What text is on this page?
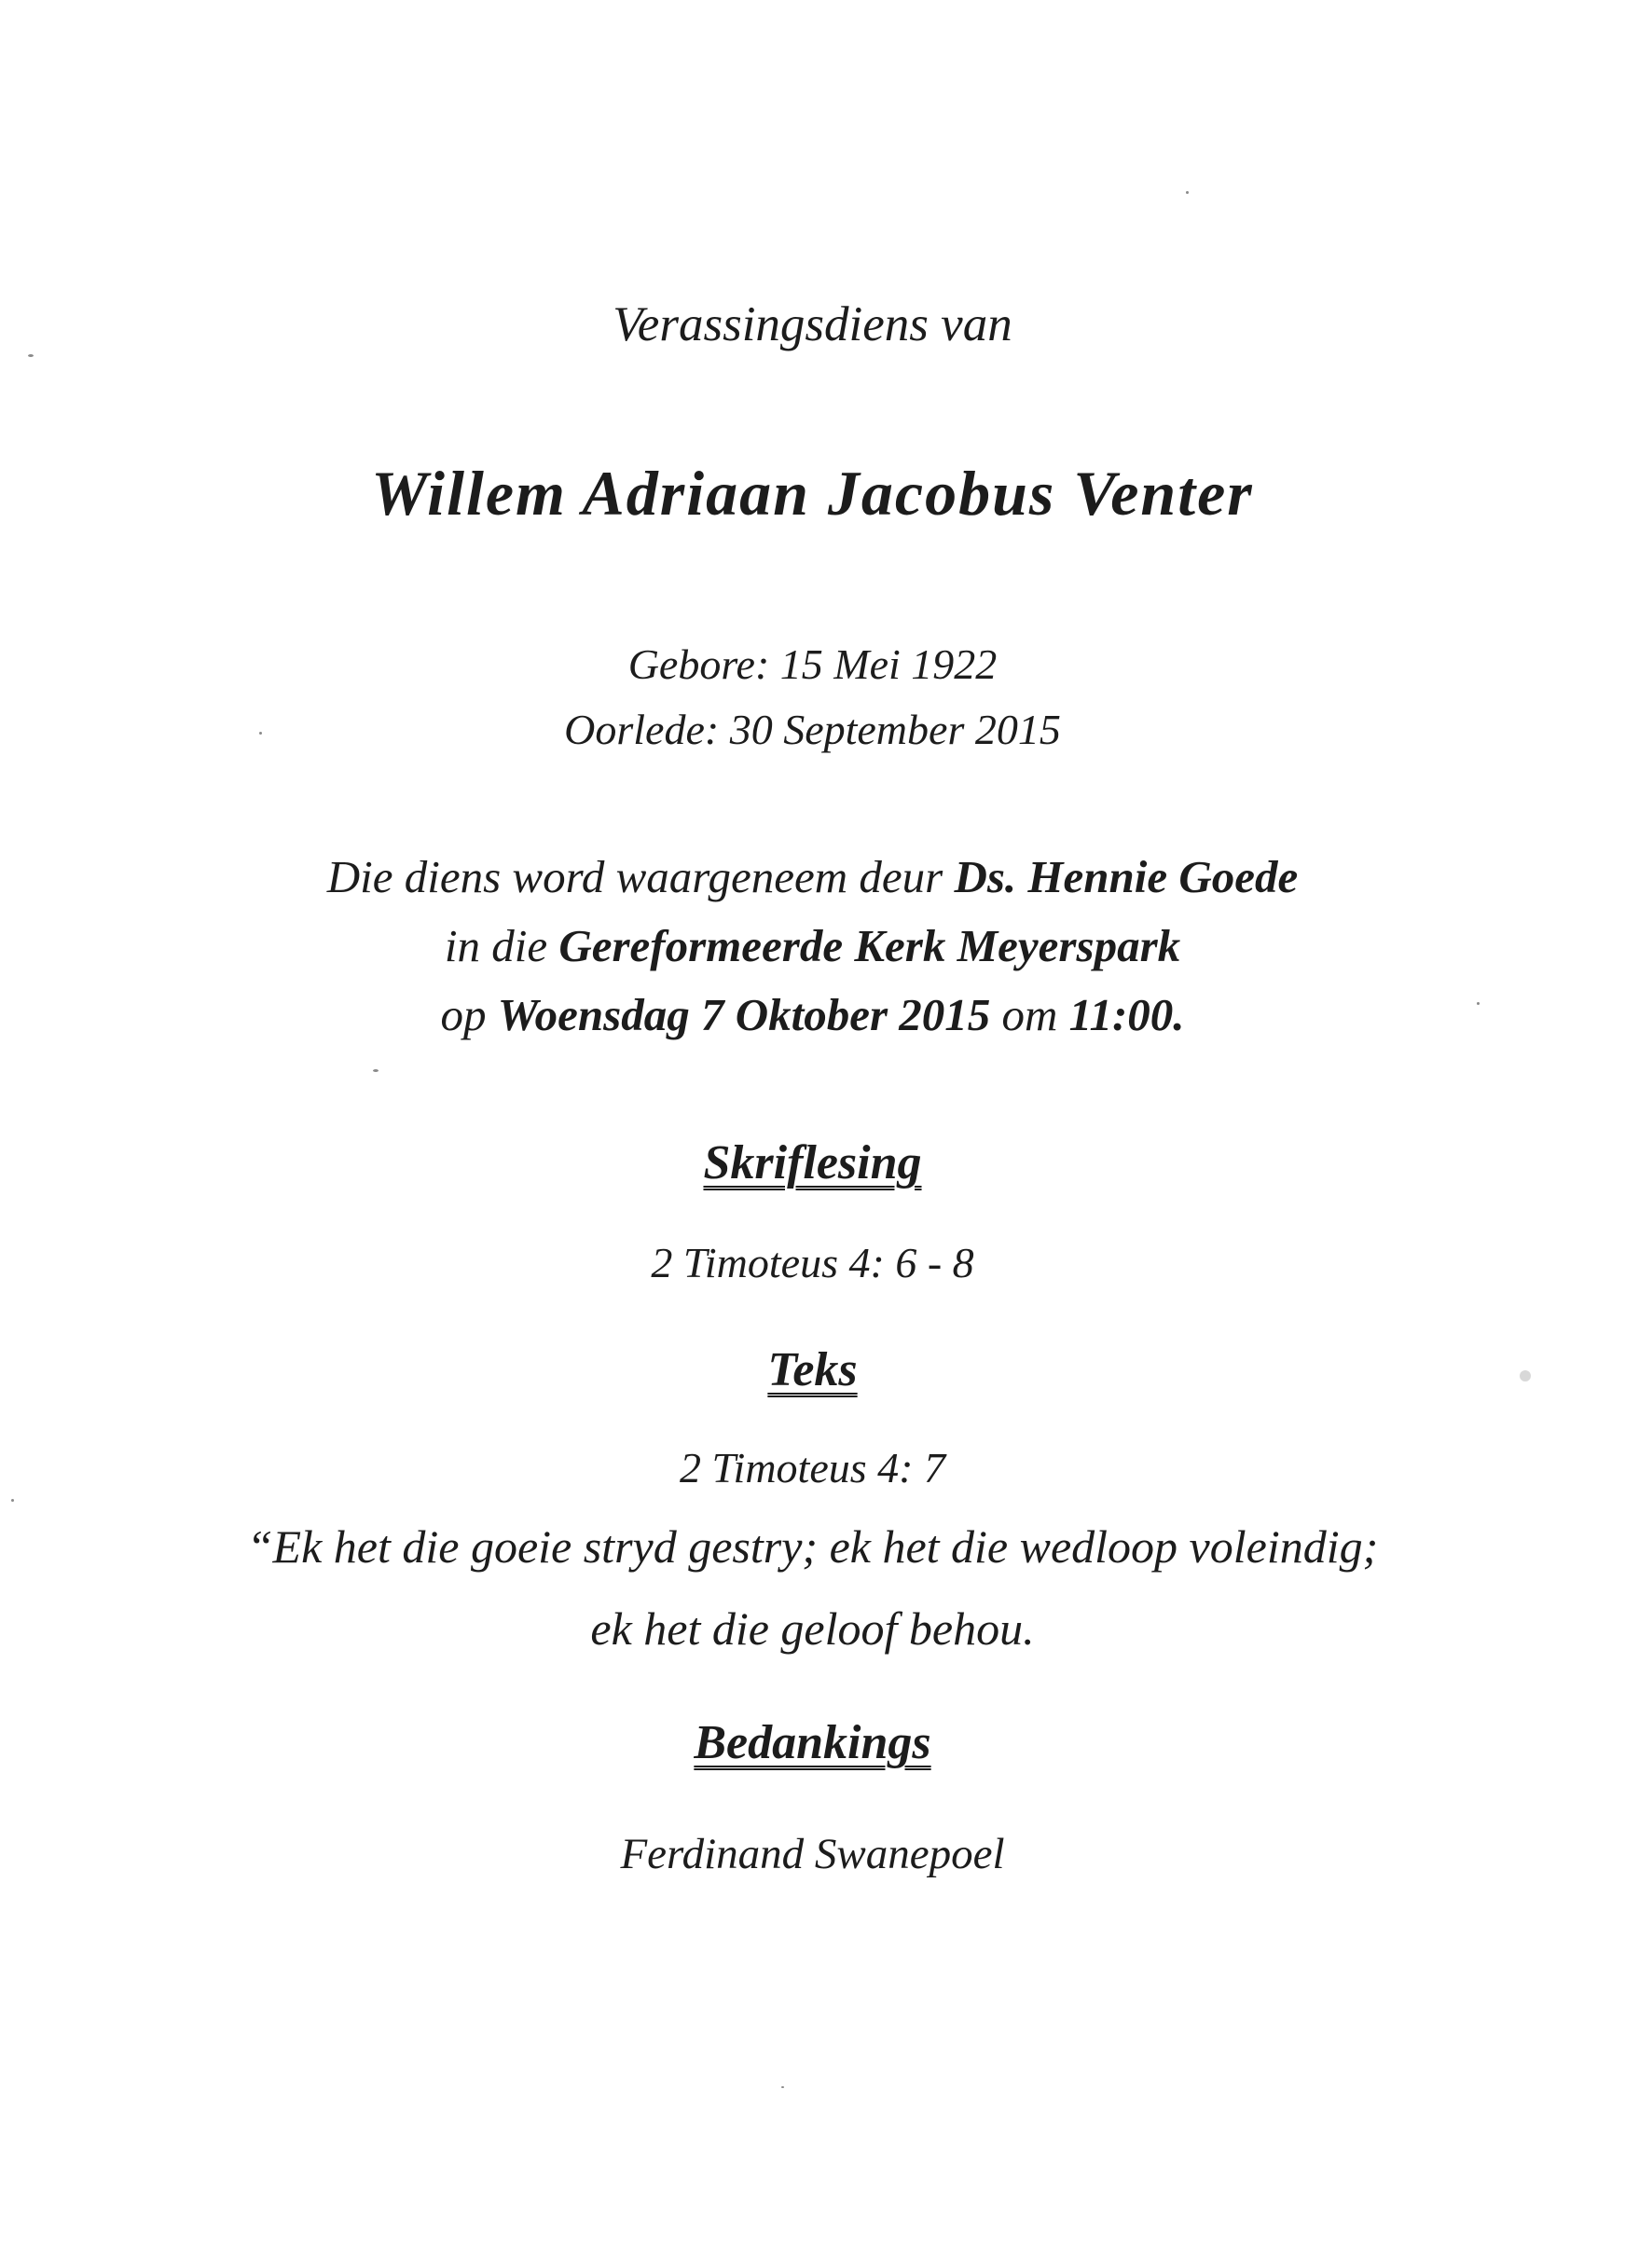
Verassingsdiens van
Willem Adriaan Jacobus Venter
Gebore: 15 Mei 1922
Oorlede: 30 September 2015
Die diens word waargeneem deur Ds. Hennie Goede
in die Gereformeerde Kerk Meyerspark
op Woensdag 7 Oktober 2015 om 11:00.
Skriflesing
2 Timoteus 4: 6 - 8
Teks
2 Timoteus 4: 7
“Ek het die goeie stryd gestry; ek het die wedloop voleindig;
ek het die geloof behou.
Bedankings
Ferdinand Swanepoel
